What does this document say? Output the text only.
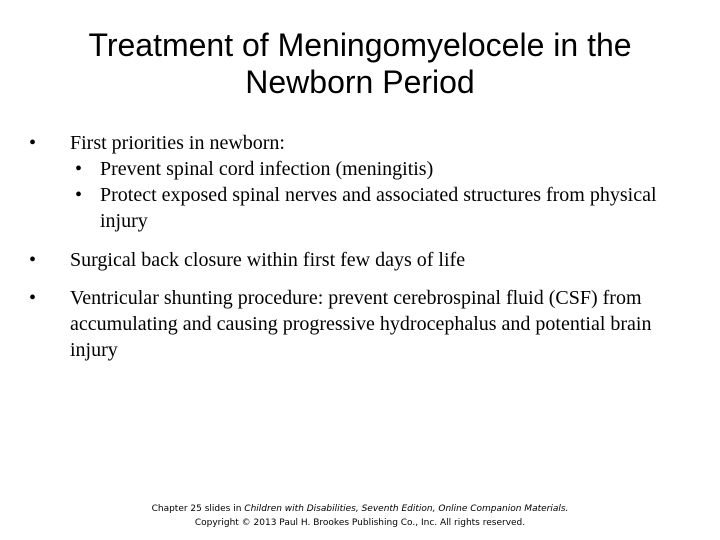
Treatment of Meningomyelocele in the
Newborn Period
• First priorities in newborn:
• Prevent spinal cord infection (meningitis)
• Protect exposed spinal nerves and associated structures from physical injury
• Surgical back closure within first few days of life
• Ventricular shunting procedure: prevent cerebrospinal fluid (CSF) from accumulating and causing progressive hydrocephalus and potential brain injury
Chapter 25 slides in Children with Disabilities, Seventh Edition, Online Companion Materials.
Copyright © 2013 Paul H. Brookes Publishing Co., Inc. All rights reserved.
